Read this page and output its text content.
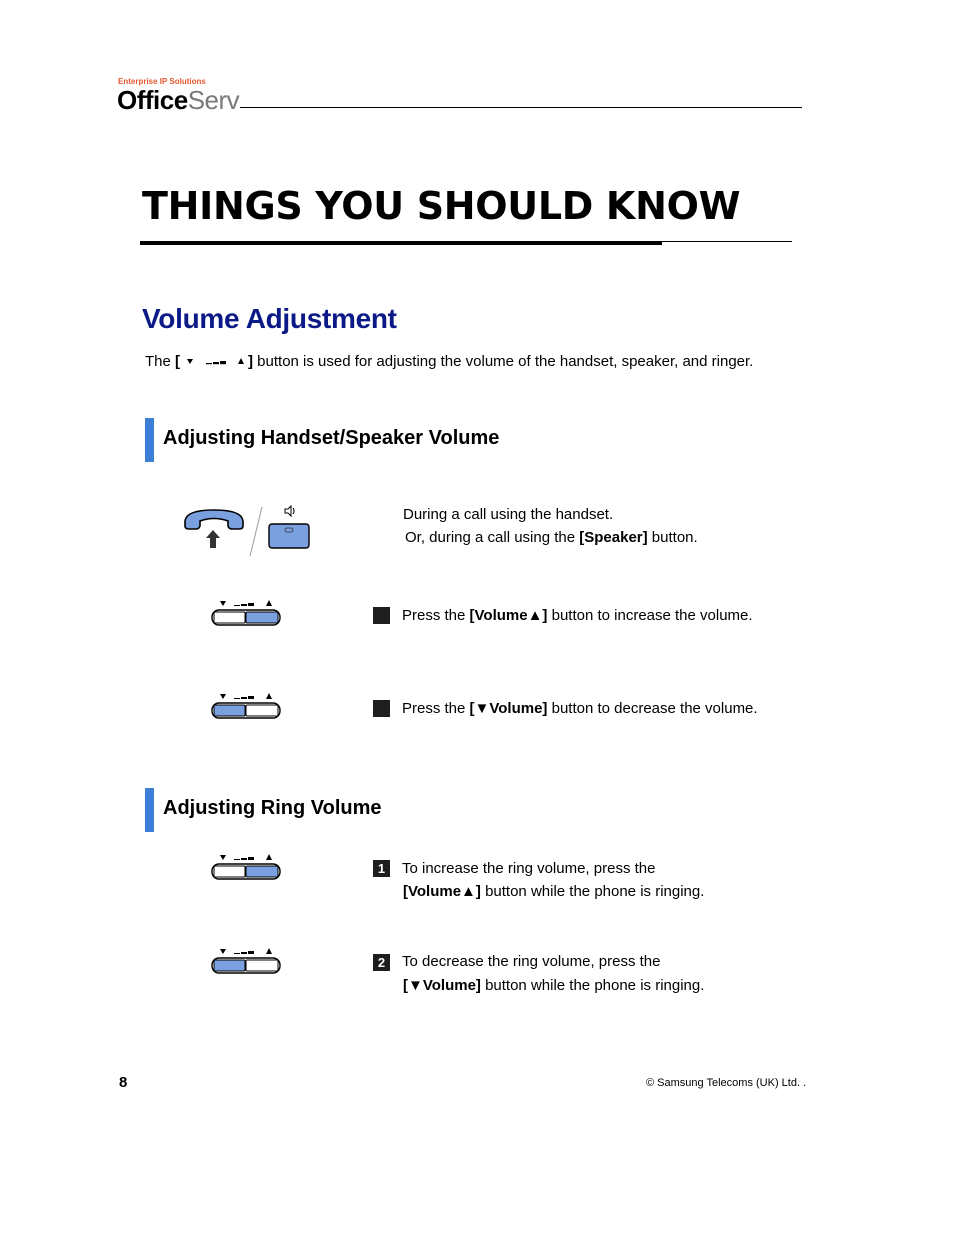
Enterprise IP Solutions
OfficeServ
THINGS YOU SHOULD KNOW
Volume Adjustment
The [	] button is used for adjusting the volume of the handset, speaker, and ringer.
Adjusting Handset/Speaker Volume
During a call using the handset.
Or, during a call using the [Speaker] button.
Press the [Volume▲] button to increase the volume.
Press the [▼Volume] button to decrease the volume.
Adjusting Ring Volume
1	To increase the ring volume, press the
[Volume▲] button while the phone is ringing.
2	To decrease the ring volume, press the
[▼Volume] button while the phone is ringing.
8	© Samsung Telecoms (UK) Ltd. .
